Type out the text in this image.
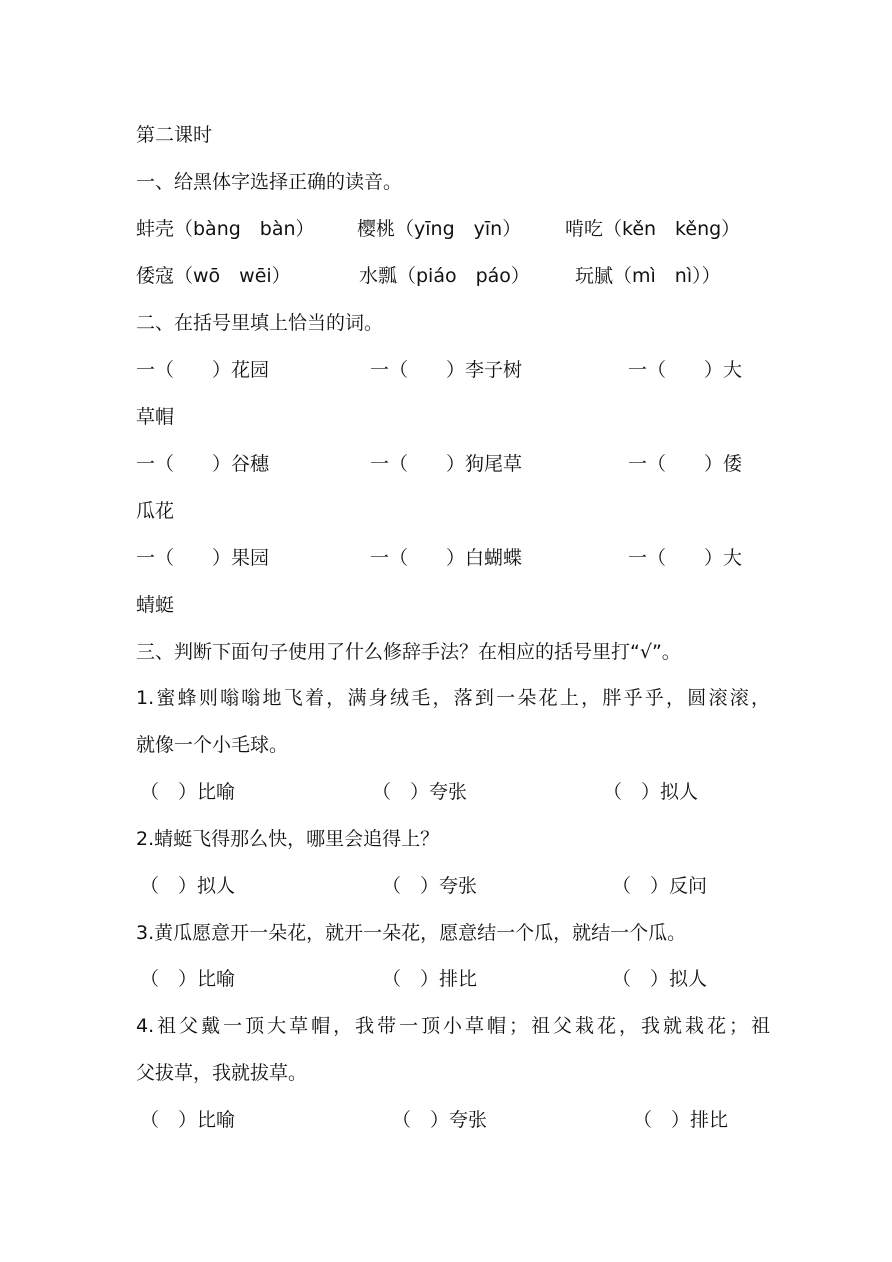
第二课时
一、给黑体字选择正确的读音。
蚌壳（bàng　bàn） 樱桃（yīng　yīn） 啃吃（kěn　kěng）
倭寇（wō　wēi）	水瓢（piáo　páo） 玩腻（mì　nì））
二、在括号里填上恰当的词。
一（　　）花园	一（　　）李子树	一（　　）大
草帽
一（　　）谷穗	一（　　）狗尾草	一（　　）倭
瓜花
一（　　）果园	一（　　）白蝴蝶	一（　　）大
蜻蜓
三、判断下面句子使用了什么修辞手法？在相应的括号里打“√”。
1.蜜蜂则嗡嗡地飞着，满身绒毛，落到一朵花上，胖乎乎，圆滚滚，
就像一个小毛球。
（　）比喻	（　）夸张	（　）拟人
2.蜻蜓飞得那么快，哪里会追得上？
（　）拟人	（　）夸张	（　）反问
3.黄瓜愿意开一朵花，就开一朵花，愿意结一个瓜，就结一个瓜。
（　）比喻	（　）排比	（　）拟人
4.祖父戴一顶大草帽，我带一顶小草帽；祖父栽花，我就栽花；祖
父拔草，我就拔草。
（　）比喻	（　）夸张	（　）排比
